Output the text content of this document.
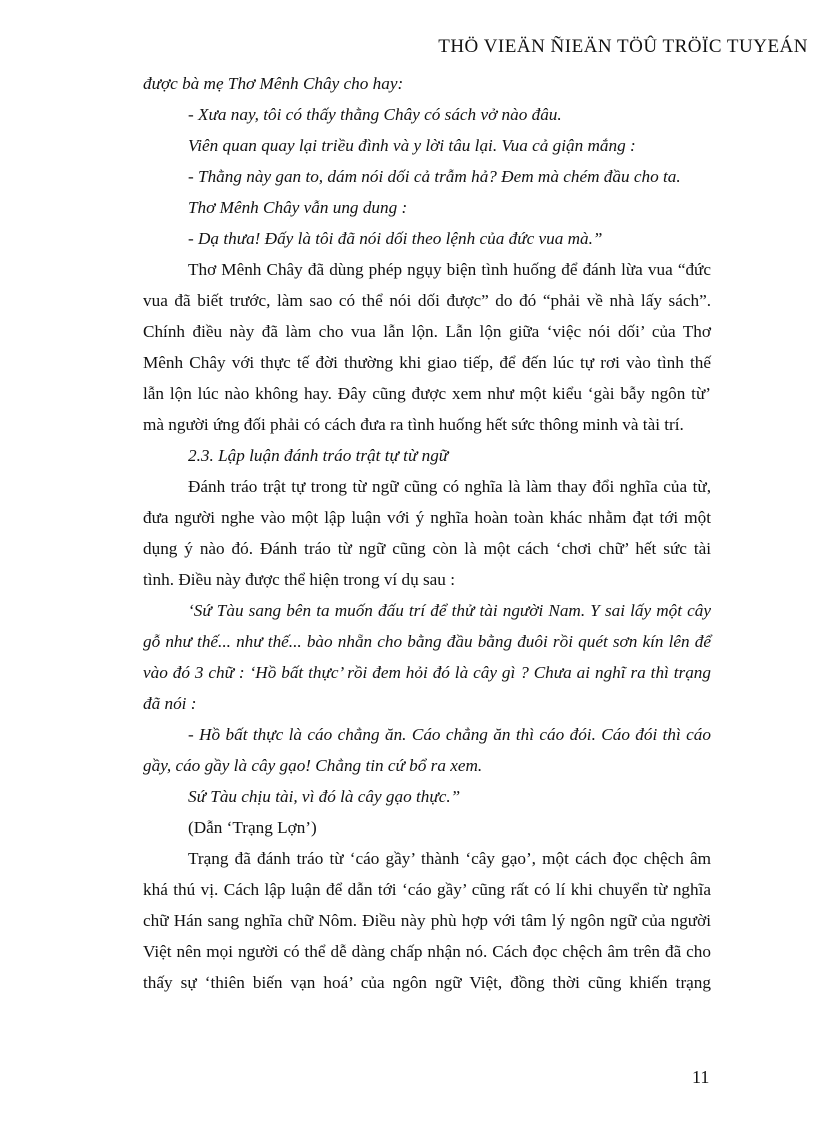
THÖ VIEÄN ÑIEÄN TÖÛ TRÖÏC TUYEÁN
được bà mẹ Thơ Mênh Chây cho hay:
- Xưa nay, tôi có thấy thằng Chây có sách vở nào đâu.
Viên quan quay lại triều đình và y lời tâu lại. Vua cả giận mắng :
- Thằng này gan to, dám nói dối cả trẫm hả? Đem mà chém đầu cho ta.
Thơ Mênh Chây vẫn ung dung :
- Dạ thưa! Đấy là tôi đã nói dối theo lệnh của đức vua mà.”
Thơ Mênh Chây đã dùng phép ngụy biện tình huống để đánh lừa vua “đức
vua đã biết trước, làm sao có thể nói dối được” do đó “phải về nhà lấy sách”.
Chính điều này đã làm cho vua lẫn lộn. Lẫn lộn giữa ‘việc nói dối’ của Thơ
Mênh Chây với thực tế đời thường khi giao tiếp, để đến lúc tự rơi vào tình thế
lẫn lộn lúc nào không hay. Đây cũng được xem như một kiểu ‘gài bẫy ngôn từ’
mà người ứng đối phải có cách đưa ra tình huống hết sức thông minh và tài trí.
2.3. Lập luận đánh tráo trật tự từ ngữ
Đánh tráo trật tự trong từ ngữ cũng có nghĩa là làm thay đổi nghĩa của từ,
đưa người nghe vào một lập luận với ý nghĩa hoàn toàn khác nhằm đạt tới một
dụng ý nào đó. Đánh tráo từ ngữ cũng còn là một cách ‘chơi chữ’ hết sức tài
tình. Điều này được thể hiện trong ví dụ sau :
‘Sứ Tàu sang bên ta muốn đấu trí để thử tài người Nam. Y sai lấy một cây
gỗ như thế... như thế... bào nhẵn cho bằng đầu bằng đuôi rồi quét sơn kín lên để
vào đó 3 chữ : ‘Hồ bất thực’ rồi đem hỏi đó là cây gì ? Chưa ai nghĩ ra thì trạng
đã nói :
- Hồ bất thực là cáo chẳng ăn. Cáo chẳng ăn thì cáo đói. Cáo đói thì cáo
gầy, cáo gầy là cây gạo! Chẳng tin cứ bổ ra xem.
Sứ Tàu chịu tài, vì đó là cây gạo thực.”
(Dẫn ‘Trạng Lợn’)
Trạng đã đánh tráo từ ‘cáo gầy’ thành ‘cây gạo’, một cách đọc chệch âm
khá thú vị. Cách lập luận để dẫn tới ‘cáo gầy’ cũng rất có lí khi chuyển từ nghĩa
chữ Hán sang nghĩa chữ Nôm. Điều này phù hợp với tâm lý ngôn ngữ của người
Việt nên mọi người có thể dễ dàng chấp nhận nó. Cách đọc chệch âm trên đã cho
thấy sự ‘thiên biến vạn hoá’ của ngôn ngữ Việt, đồng thời cũng khiến trạng
11
